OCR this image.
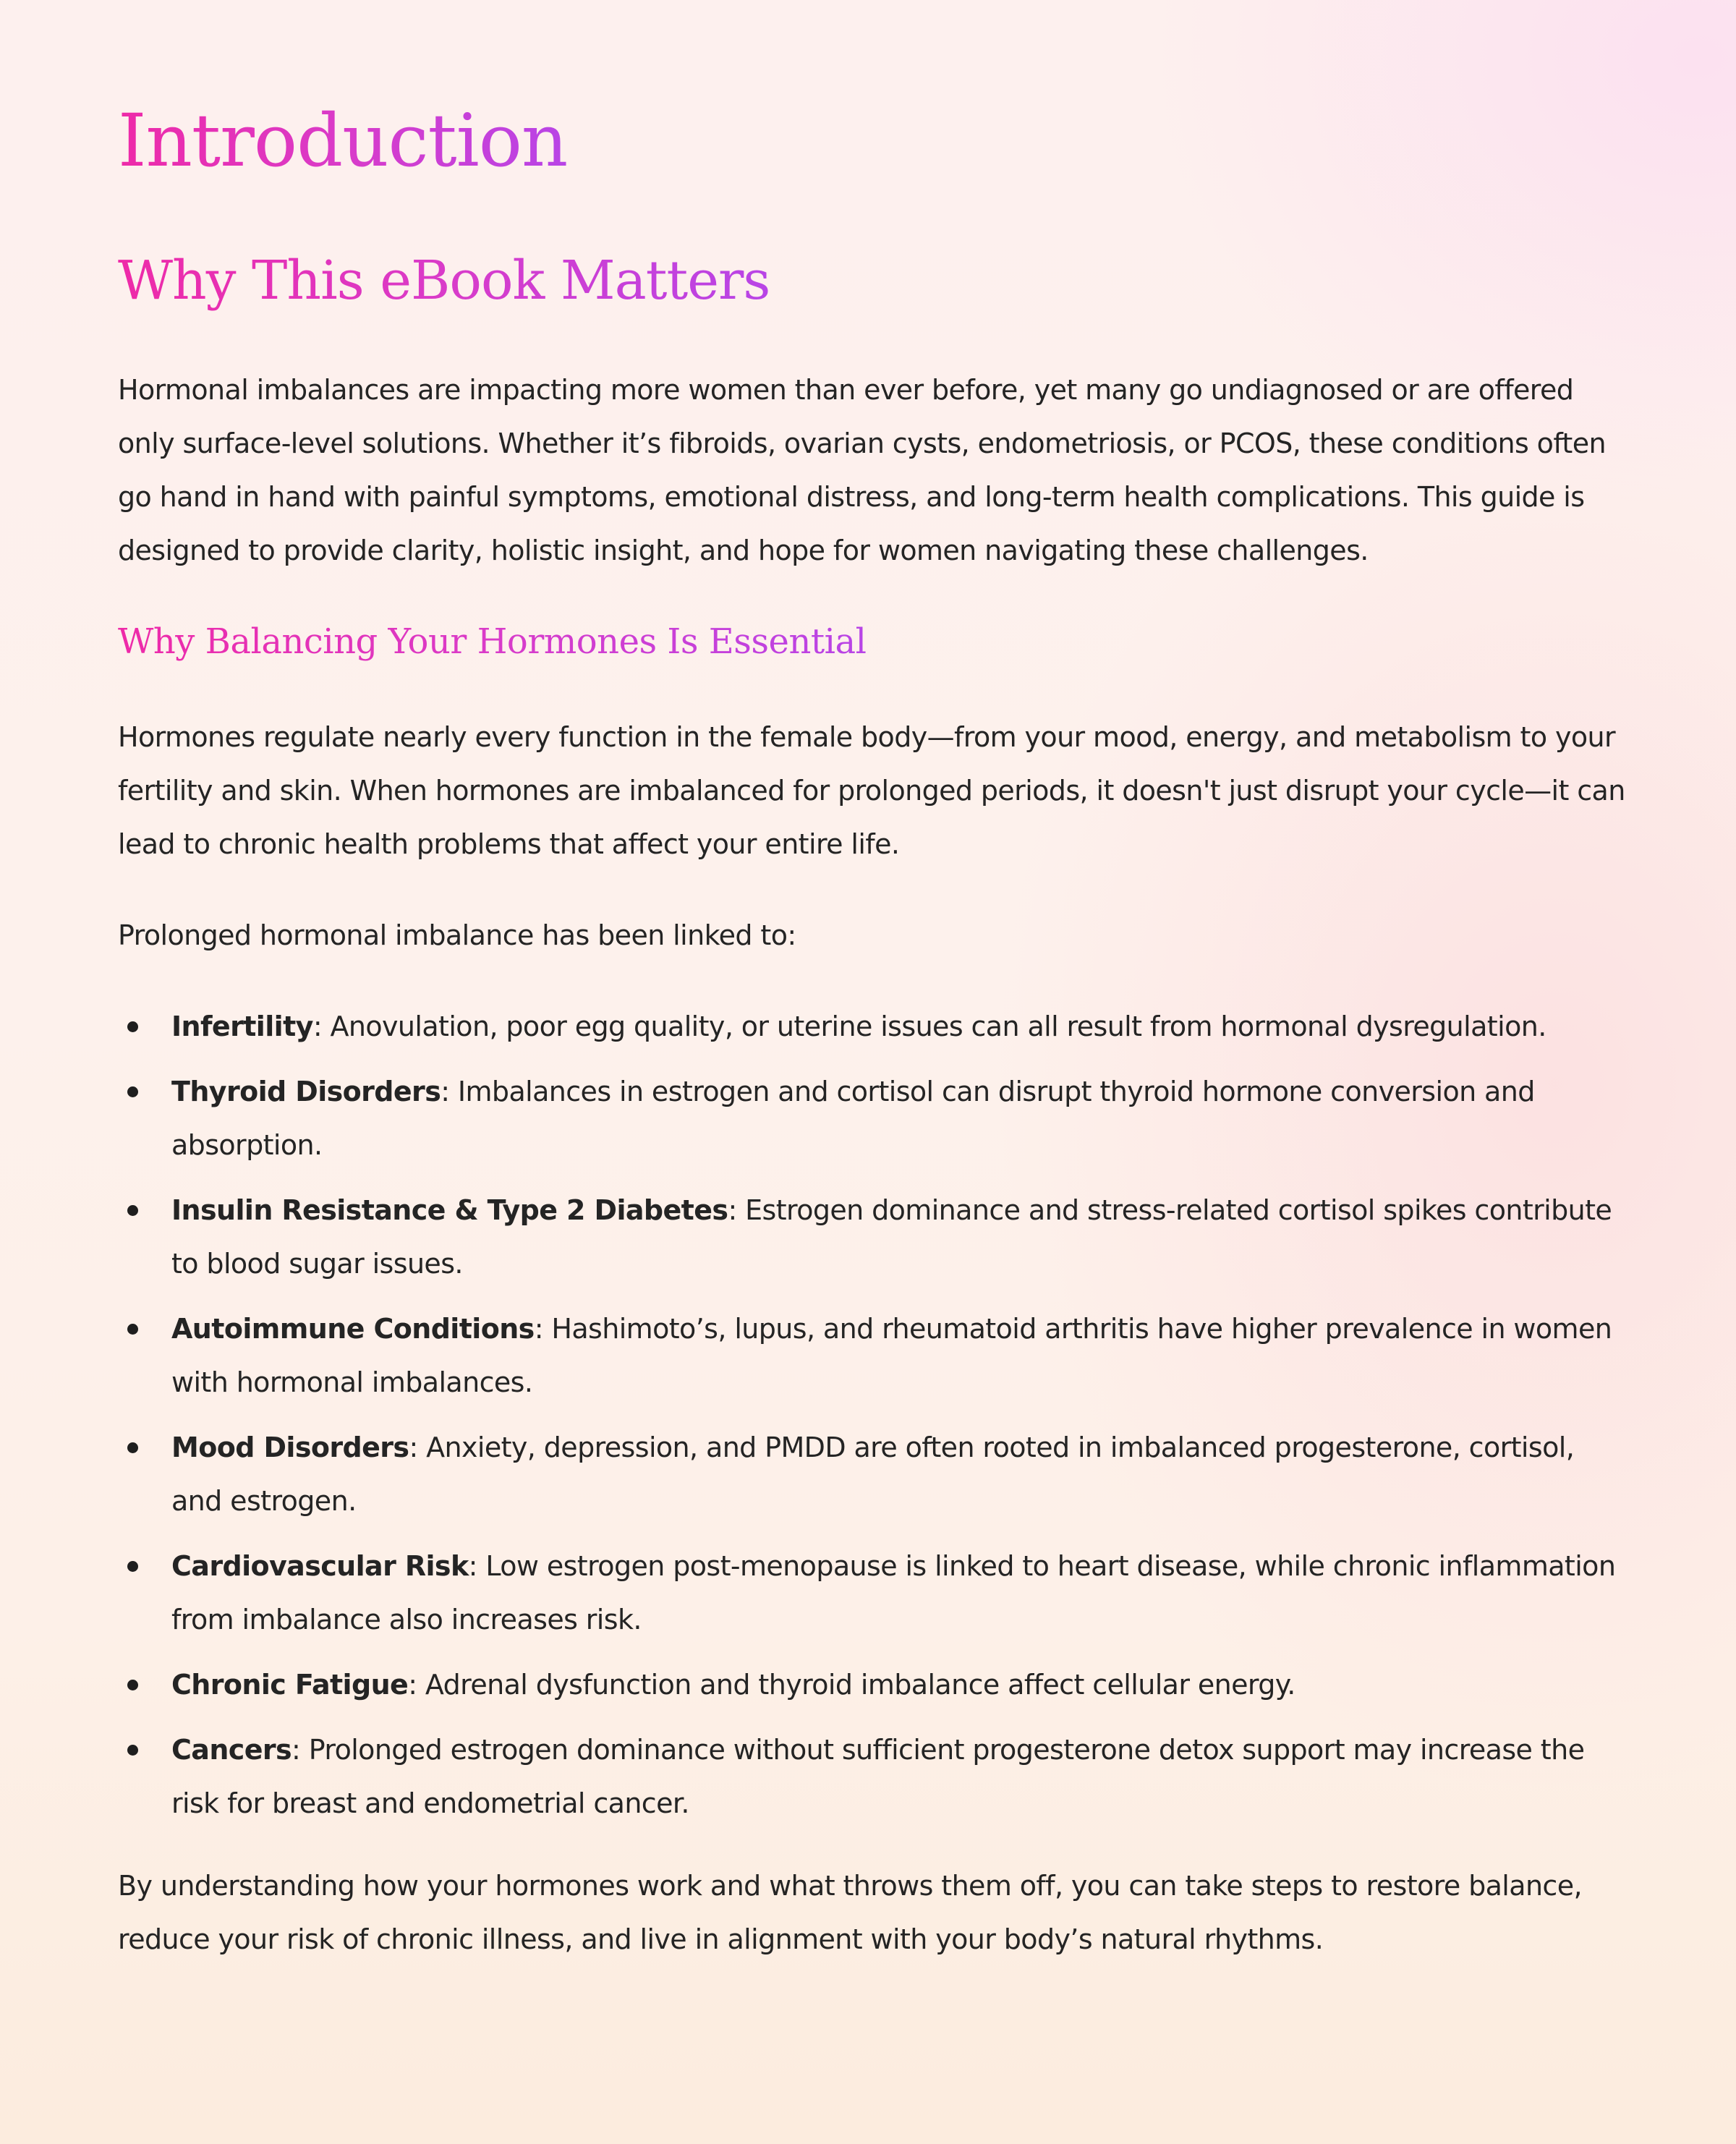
Introduction
Why This eBook Matters

Hormonal imbalances are impacting more women than ever before, yet many go undiagnosed or are offered only surface-level solutions. Whether it’s fibroids, ovarian cysts, endometriosis, or PCOS, these conditions often go hand in hand with painful symptoms, emotional distress, and long-term health complications. This guide is designed to provide clarity, holistic insight, and hope for women navigating these challenges.

Why Balancing Your Hormones Is Essential

Hormones regulate nearly every function in the female body—from your mood, energy, and metabolism to your fertility and skin. When hormones are imbalanced for prolonged periods, it doesn't just disrupt your cycle—it can lead to chronic health problems that affect your entire life.

Prolonged hormonal imbalance has been linked to:

Infertility: Anovulation, poor egg quality, or uterine issues can all result from hormonal dysregulation.
Thyroid Disorders: Imbalances in estrogen and cortisol can disrupt thyroid hormone conversion and absorption.
Insulin Resistance & Type 2 Diabetes: Estrogen dominance and stress-related cortisol spikes contribute to blood sugar issues.
Autoimmune Conditions: Hashimoto’s, lupus, and rheumatoid arthritis have higher prevalence in women with hormonal imbalances.
Mood Disorders: Anxiety, depression, and PMDD are often rooted in imbalanced progesterone, cortisol, and estrogen.
Cardiovascular Risk: Low estrogen post-menopause is linked to heart disease, while chronic inflammation from imbalance also increases risk.
Chronic Fatigue: Adrenal dysfunction and thyroid imbalance affect cellular energy.
Cancers: Prolonged estrogen dominance without sufficient progesterone detox support may increase the risk for breast and endometrial cancer.

By understanding how your hormones work and what throws them off, you can take steps to restore balance, reduce your risk of chronic illness, and live in alignment with your body’s natural rhythms.
